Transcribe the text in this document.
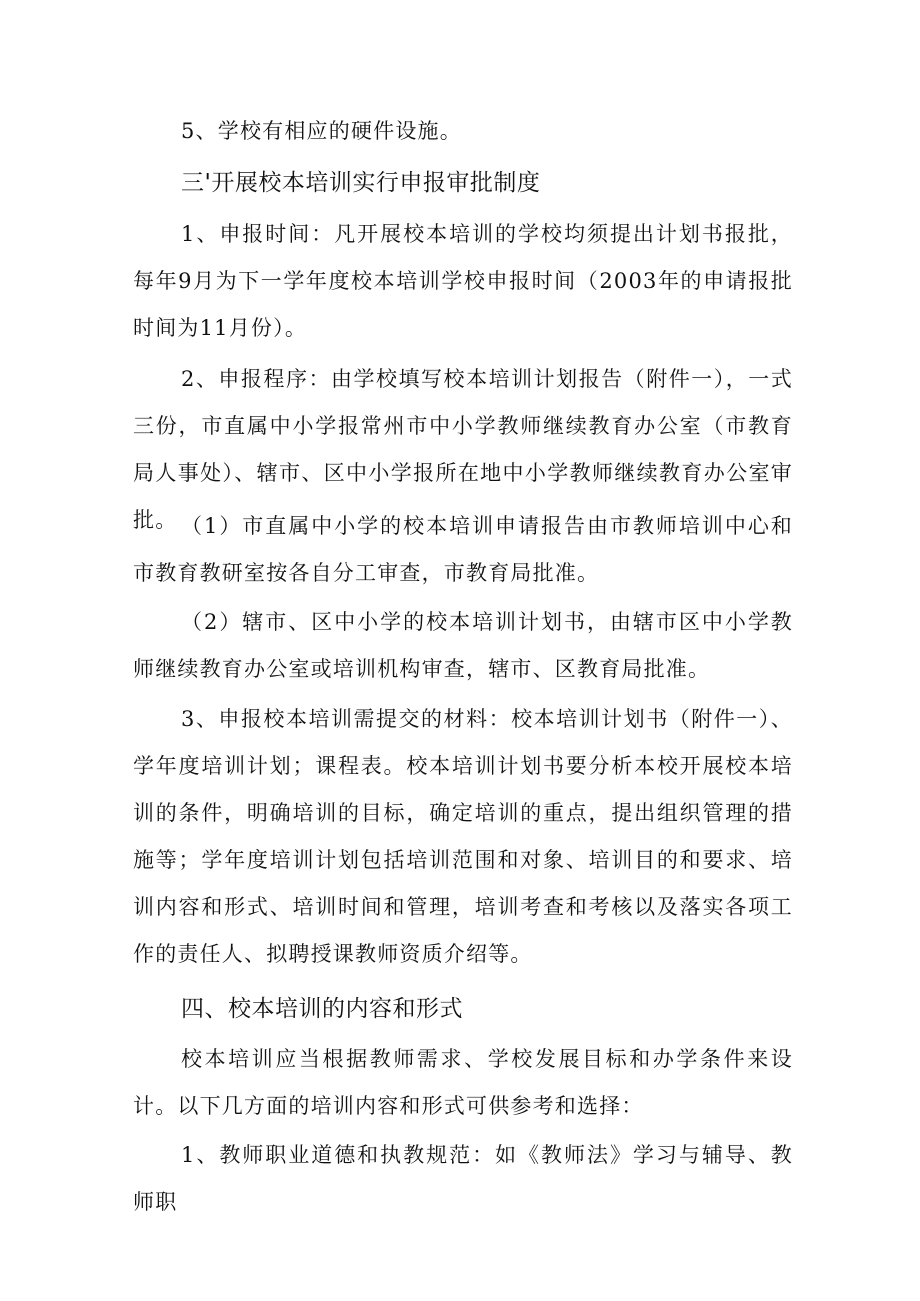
5、学校有相应的硬件设施。

三'开展校本培训实行申报审批制度

1、申报时间：凡开展校本培训的学校均须提出计划书报批，每年9月为下一学年度校本培训学校申报时间（2003年的申请报批时间为11月份）。

2、申报程序：由学校填写校本培训计划报告（附件一），一式三份，市直属中小学报常州市中小学教师继续教育办公室（市教育局人事处）、辖市、区中小学报所在地中小学教师继续教育办公室审批。 （1）市直属中小学的校本培训申请报告由市教师培训中心和市教育教研室按各自分工审查，市教育局批准。

（2）辖市、区中小学的校本培训计划书，由辖市区中小学教师继续教育办公室或培训机构审查，辖市、区教育局批准。

3、申报校本培训需提交的材料：校本培训计划书（附件一）、学年度培训计划；课程表。校本培训计划书要分析本校开展校本培训的条件，明确培训的目标，确定培训的重点，提出组织管理的措施等；学年度培训计划包括培训范围和对象、培训目的和要求、培训内容和形式、培训时间和管理，培训考查和考核以及落实各项工作的责任人、拟聘授课教师资质介绍等。

四、校本培训的内容和形式

校本培训应当根据教师需求、学校发展目标和办学条件来设计。以下几方面的培训内容和形式可供参考和选择：

1、教师职业道德和执教规范：如《教师法》学习与辅导、教师职
